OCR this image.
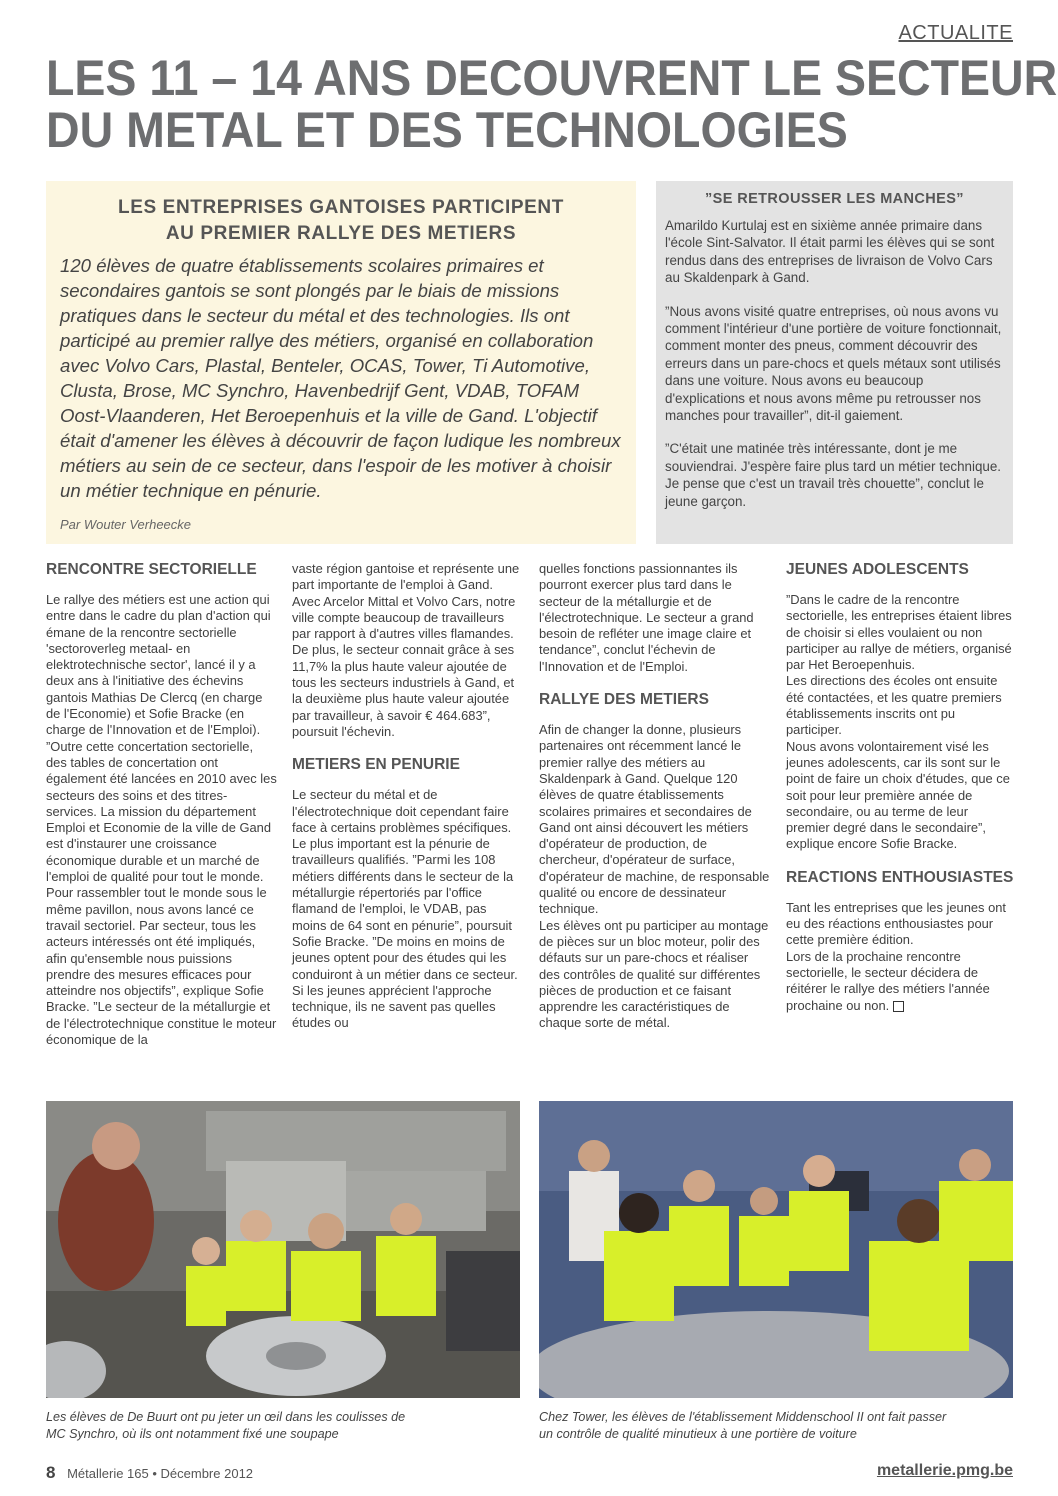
ACTUALITE
LES 11 – 14 ANS DECOUVRENT LE SECTEUR
DU METAL ET DES TECHNOLOGIES
LES ENTREPRISES GANTOISES PARTICIPENT
AU PREMIER RALLYE DES METIERS
120 élèves de quatre établissements scolaires primaires et secondaires gantois se sont plongés par le biais de missions pratiques dans le secteur du métal et des technologies. Ils ont participé au premier rallye des métiers, organisé en collaboration avec Volvo Cars, Plastal, Benteler, OCAS, Tower, Ti Automotive, Clusta, Brose, MC Synchro, Havenbedrijf Gent, VDAB, TOFAM Oost-Vlaanderen, Het Beroepenhuis et la ville de Gand. L'objectif était d'amener les élèves à découvrir de façon ludique les nombreux métiers au sein de ce secteur, dans l'espoir de les motiver à choisir un métier technique en pénurie.
Par Wouter Verheecke
”SE RETROUSSER LES MANCHES”

Amarildo Kurtulaj est en sixième année primaire dans l'école Sint-Salvator. Il était parmi les élèves qui se sont rendus dans des entreprises de livraison de Volvo Cars au Skaldenpark à Gand.

”Nous avons visité quatre entreprises, où nous avons vu comment l'intérieur d'une portière de voiture fonctionnait, comment monter des pneus, comment découvrir des erreurs dans un pare-chocs et quels métaux sont utilisés dans une voiture. Nous avons eu beaucoup d'explications et nous avons même pu retrousser nos manches pour travailler”, dit-il gaiement.

”C'était une matinée très intéressante, dont je me souviendrai. J'espère faire plus tard un métier technique. Je pense que c'est un travail très chouette”, conclut le jeune garçon.

RENCONTRE SECTORIELLE

Le rallye des métiers est une action qui entre dans le cadre du plan d'action qui émane de la rencontre sectorielle 'sectoroverleg metaal- en elektrotechnische sector', lancé il y a deux ans à l'initiative des échevins gantois Mathias De Clercq (en charge de l'Economie) et Sofie Bracke (en charge de l'Innovation et de l'Emploi). ”Outre cette concertation sectorielle, des tables de concertation ont également été lancées en 2010 avec les secteurs des soins et des titres-services. La mission du département Emploi et Economie de la ville de Gand est d'instaurer une croissance économique durable et un marché de l'emploi de qualité pour tout le monde. Pour rassembler tout le monde sous le même pavillon, nous avons lancé ce travail sectoriel. Par secteur, tous les acteurs intéressés ont été impliqués, afin qu'ensemble nous puissions prendre des mesures efficaces pour atteindre nos objectifs”, explique Sofie Bracke. ”Le secteur de la métallurgie et de l'électrotechnique constitue le moteur économique de la

vaste région gantoise et représente une part importante de l'emploi à Gand. Avec Arcelor Mittal et Volvo Cars, notre ville compte beaucoup de travailleurs par rapport à d'autres villes flamandes. De plus, le secteur connait grâce à ses 11,7% la plus haute valeur ajoutée de tous les secteurs industriels à Gand, et la deuxième plus haute valeur ajoutée par travailleur, à savoir € 464.683”, poursuit l'échevin.

METIERS EN PENURIE

Le secteur du métal et de l'électrotechnique doit cependant faire face à certains problèmes spécifiques. Le plus important est la pénurie de travailleurs qualifiés. ”Parmi les 108 métiers différents dans le secteur de la métallurgie répertoriés par l'office flamand de l'emploi, le VDAB, pas moins de 64 sont en pénurie”, poursuit Sofie Bracke. ”De moins en moins de jeunes optent pour des études qui les conduiront à un métier dans ce secteur. Si les jeunes apprécient l'approche technique, ils ne savent pas quelles études ou

quelles fonctions passionnantes ils pourront exercer plus tard dans le secteur de la métallurgie et de l'électrotechnique. Le secteur a grand besoin de refléter une image claire et tendance”, conclut l'échevin de l'Innovation et de l'Emploi.

RALLYE DES METIERS

Afin de changer la donne, plusieurs partenaires ont récemment lancé le premier rallye des métiers au Skaldenpark à Gand. Quelque 120 élèves de quatre établissements scolaires primaires et secondaires de Gand ont ainsi découvert les métiers d'opérateur de production, de chercheur, d'opérateur de surface, d'opérateur de machine, de responsable qualité ou encore de dessinateur technique.

Les élèves ont pu participer au montage de pièces sur un bloc moteur, polir des défauts sur un pare-chocs et réaliser des contrôles de qualité sur différentes pièces de production et ce faisant apprendre les caractéristiques de chaque sorte de métal.

JEUNES ADOLESCENTS

”Dans le cadre de la rencontre sectorielle, les entreprises étaient libres de choisir si elles voulaient ou non participer au rallye de métiers, organisé par Het Beroepenhuis.

Les directions des écoles ont ensuite été contactées, et les quatre premiers établissements inscrits ont pu participer.

Nous avons volontairement visé les jeunes adolescents, car ils sont sur le point de faire un choix d'études, que ce soit pour leur première année de secondaire, ou au terme de leur premier degré dans le secondaire”, explique encore Sofie Bracke.

REACTIONS ENTHOUSIASTES

Tant les entreprises que les jeunes ont eu des réactions enthousiastes pour cette première édition.

Lors de la prochaine rencontre sectorielle, le secteur décidera de réitérer le rallye des métiers l'année prochaine ou non.

Les élèves de De Buurt ont pu jeter un œil dans les coulisses de
MC Synchro, où ils ont notamment fixé une soupape
Chez Tower, les élèves de l'établissement Middenschool II ont fait passer
un contrôle de qualité minutieux à une portière de voiture
8 Métallerie 165 • Décembre 2012	metallerie.pmg.be
